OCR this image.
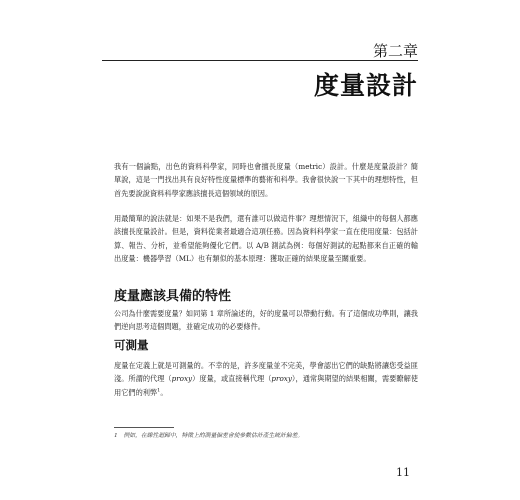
第二章
度量設計

我有一個論點，出色的資料科學家，同時也會擅長度量（metric）設計。什麼是度量設計？簡單說，這是一門找出具有良好特性度量標準的藝術和科學。我會很快說一下其中的理想特性，但首先要說說資料科學家應該擅長這個領域的原因。

用最簡單的說法就是：如果不是我們，還有誰可以做這件事？理想情況下，組織中的每個人都應該擅長度量設計。但是，資料從業者最適合這項任務。因為資料科學家一直在使用度量：包括計算、報告、分析，並希望能夠優化它們。以 A/B 測試為例：每個好測試的起點都來自正確的輸出度量：機器學習（ML）也有類似的基本原理：獲取正確的結果度量至關重要。

度量應該具備的特性

公司為什麼需要度量？如同第 1 章所論述的，好的度量可以帶動行動。有了這個成功準則，讓我們逆向思考這個問題，並確定成功的必要條件。

可測量

度量在定義上就是可測量的。不幸的是，許多度量並不完美，學會認出它們的缺點將讓您受益匪淺。所謂的代理（proxy）度量，或直接稱代理（proxy），通常與期望的結果相關，需要瞭解使用它們的利弊$^1$。

1　例如，在線性迴歸中，特徵上的測量偏差會使參數估計產生統計偏差。
11
